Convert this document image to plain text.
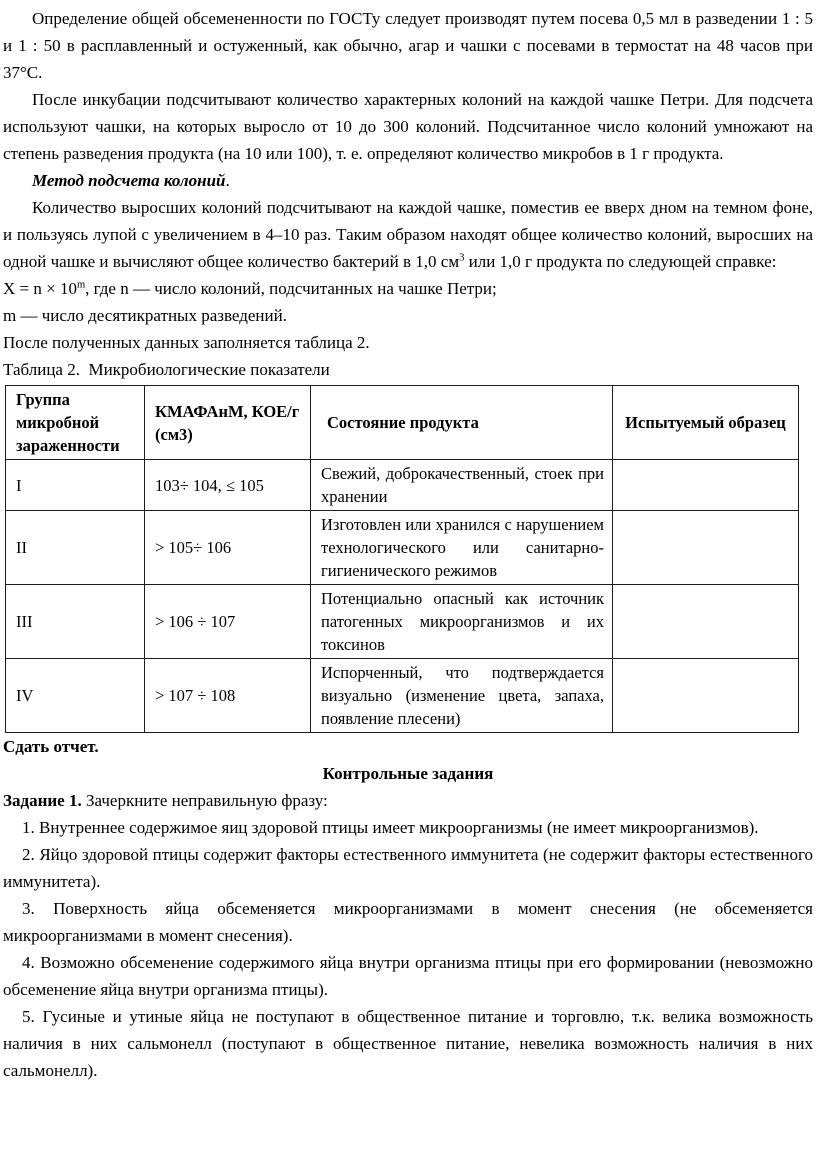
Определение общей обсемененности по ГОСТу следует производят путем посева 0,5 мл в разведении 1 : 5 и 1 : 50 в расплавленный и остуженный, как обычно, агар и чашки с посевами в термостат на 48 часов при 37°С.

После инкубации подсчитывают количество характерных колоний на каждой чашке Петри. Для подсчета используют чашки, на которых выросло от 10 до 300 колоний. Подсчитанное число колоний умножают на степень разведения продукта (на 10 или 100), т. е. определяют количество микробов в 1 г продукта.

Метод подсчета колоний.

Количество выросших колоний подсчитывают на каждой чашке, поместив ее вверх дном на темном фоне, и пользуясь лупой с увеличением в 4–10 раз. Таким образом находят общее количество колоний, выросших на одной чашке и вычисляют общее количество бактерий в 1,0 $см^3$ или 1,0 г продукта по следующей справке:

$Х = n \times 10^m$, где n — число колоний, подсчитанных на чашке Петри;

m — число десятикратных разведений.

После полученных данных заполняется таблица 2.

Таблица 2.  Микробиологические показатели

Группа микробной зараженности	КМАФАнМ, КОЕ/г (см3)	Состояние продукта	Испытуемый образец
I	103÷ 104, ≤ 105	Свежий, доброкачественный, стоек при хранении	
II	> 105÷ 106	Изготовлен или хранился с нарушением технологического или санитарно-гигиенического режимов	
III	> 106 ÷ 107	Потенциально опасный как источник патогенных микроорганизмов и их токсинов	
IV	> 107 ÷ 108	Испорченный, что подтверждается визуально (изменение цвета, запаха, появление плесени)	

Сдать отчет.

Контрольные задания

Задание 1. Зачеркните неправильную фразу:

1. Внутреннее содержимое яиц здоровой птицы имеет микроорганизмы (не имеет микроорганизмов).

2. Яйцо здоровой птицы содержит факторы естественного иммунитета (не содержит факторы естественного иммунитета).

3. Поверхность яйца обсеменяется микроорганизмами в момент снесения (не обсеменяется микроорганизмами в момент снесения).

4. Возможно обсеменение содержимого яйца внутри организма птицы при его формировании (невозможно обсеменение яйца внутри организма птицы).

5. Гусиные и утиные яйца не поступают в общественное питание и торговлю, т.к. велика возможность наличия в них сальмонелл (поступают в общественное питание, невелика возможность наличия в них сальмонелл).
